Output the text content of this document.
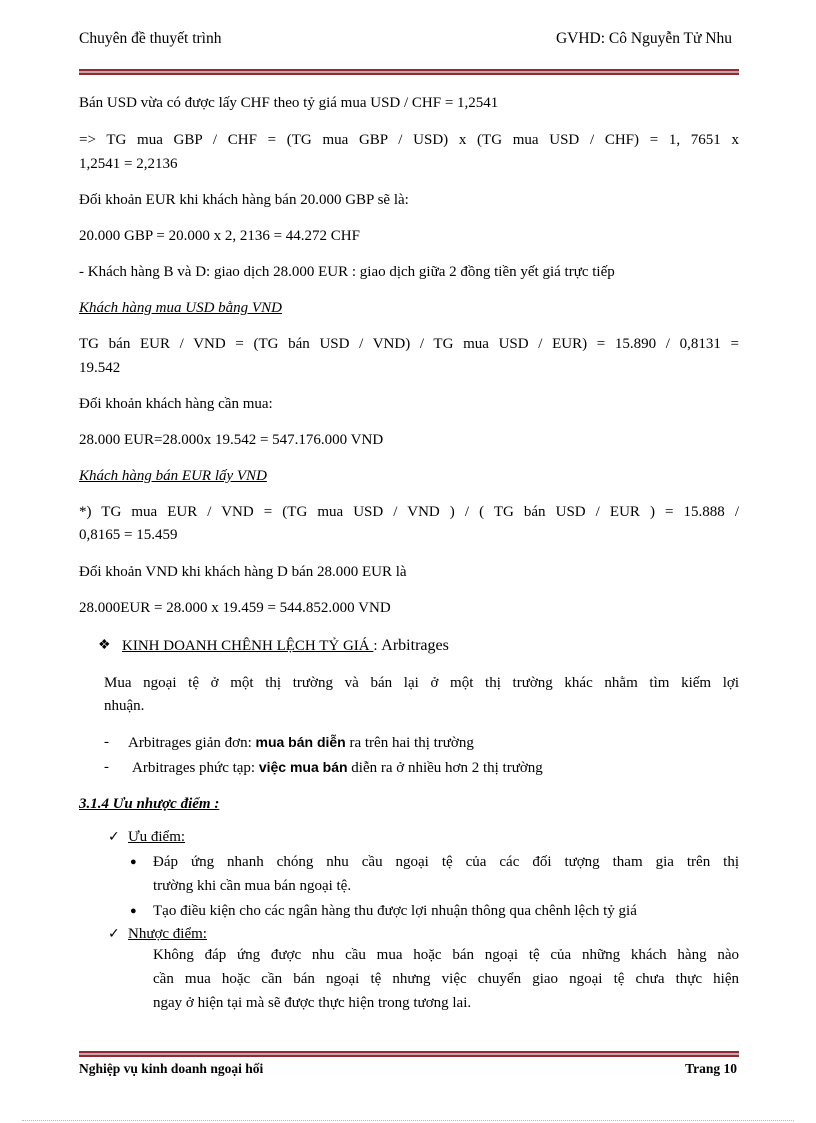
Chuyên đề thuyết trình	GVHD: Cô Nguyễn Tử Nhu
Bán USD vừa có được lấy CHF theo tỷ giá mua USD / CHF = 1,2541
=> TG mua GBP / CHF = (TG mua GBP / USD) x (TG mua USD / CHF) = 1, 7651 x
1,2541 = 2,2136
Đối khoản EUR khi khách hàng bán 20.000 GBP sẽ là:
20.000 GBP = 20.000 x 2, 2136 = 44.272 CHF
- Khách hàng B và D: giao dịch 28.000 EUR : giao dịch giữa 2 đồng tiền yết giá trực tiếp
Khách hàng mua USD bằng VND
TG bán EUR / VND = (TG bán USD / VND) / TG mua USD / EUR) = 15.890 / 0,8131 =
19.542
Đối khoản khách hàng cần mua:
28.000 EUR=28.000x 19.542 = 547.176.000 VND
Khách hàng bán EUR lấy VND
*) TG mua EUR / VND = (TG mua USD / VND ) / ( TG bán USD / EUR ) = 15.888 /
0,8165 = 15.459
Đối khoản VND khi khách hàng D bán 28.000 EUR là
28.000EUR = 28.000 x 19.459 = 544.852.000 VND
❖ KINH DOANH CHÊNH LỆCH TỶ GIÁ : Arbitrages
Mua ngoại tệ ở một thị trường và bán lại ở một thị trường khác nhằm tìm kiếm lợi
nhuận.
- Arbitrages giản đơn: mua bán diễn ra trên hai thị trường
- Arbitrages phức tạp: việc mua bán diễn ra ở nhiều hơn 2 thị trường
3.1.4 Ưu nhược điểm :
✓ Ưu điểm:
● Đáp ứng nhanh chóng nhu cầu ngoại tệ của các đối tượng tham gia trên thị
trường khi cần mua bán ngoại tệ.
● Tạo điều kiện cho các ngân hàng thu được lợi nhuận thông qua chênh lệch tỷ giá
✓ Nhược điểm:
Không đáp ứng được nhu cầu mua hoặc bán ngoại tệ của những khách hàng nào
cần mua hoặc cần bán ngoại tệ nhưng việc chuyển giao ngoại tệ chưa thực hiện
ngay ở hiện tại mà sẽ được thực hiện trong tương lai.
Nghiệp vụ kinh doanh ngoại hối	Trang 10
